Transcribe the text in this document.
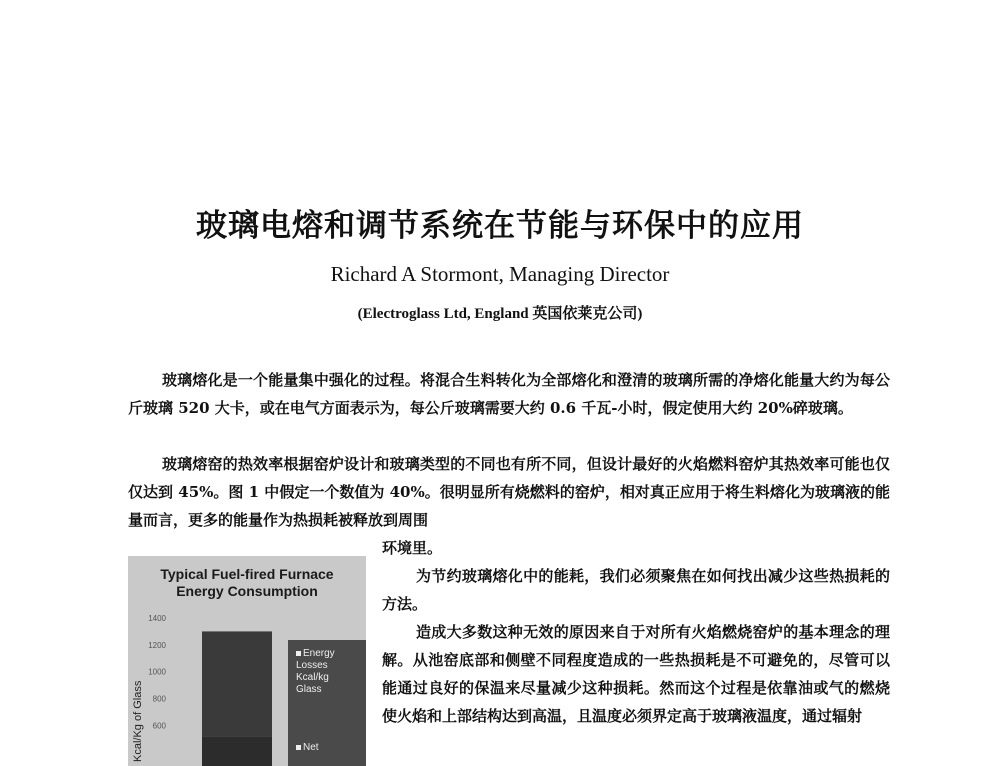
玻璃电熔和调节系统在节能与环保中的应用

Richard A Stormont, Managing Director

(Electroglass Ltd, England 英国依莱克公司)

玻璃熔化是一个能量集中强化的过程。将混合生料转化为全部熔化和澄清的玻璃所需的净熔化能量大约为每公斤玻璃 520 大卡，或在电气方面表示为，每公斤玻璃需要大约 0.6 千瓦-小时，假定使用大约 20%碎玻璃。

玻璃熔窑的热效率根据窑炉设计和玻璃类型的不同也有所不同，但设计最好的火焰燃料窑炉其热效率可能也仅仅达到 45%。图 1 中假定一个数值为 40%。很明显所有烧燃料的窑炉，相对真正应用于将生料熔化为玻璃液的能量而言，更多的能量作为热损耗被释放到周围

环境里。

为节约玻璃熔化中的能耗，我们必须聚焦在如何找出减少这些热损耗的方法。

造成大多数这种无效的原因来自于对所有火焰燃烧窑炉的基本理念的理解。从池窑底部和侧壁不同程度造成的一些热损耗是不可避免的，尽管可以能通过良好的保温来尽量减少这种损耗。然而这个过程是依靠油或气的燃烧使火焰和上部结构达到高温，且温度必须界定高于玻璃液温度，通过辐射

600
800
1000
1200
1400
Typical Fuel-fired Furnace
Energy Consumption
Energy Losses Kcal/kg Glass
Net
Kcal/Kg of Glass
